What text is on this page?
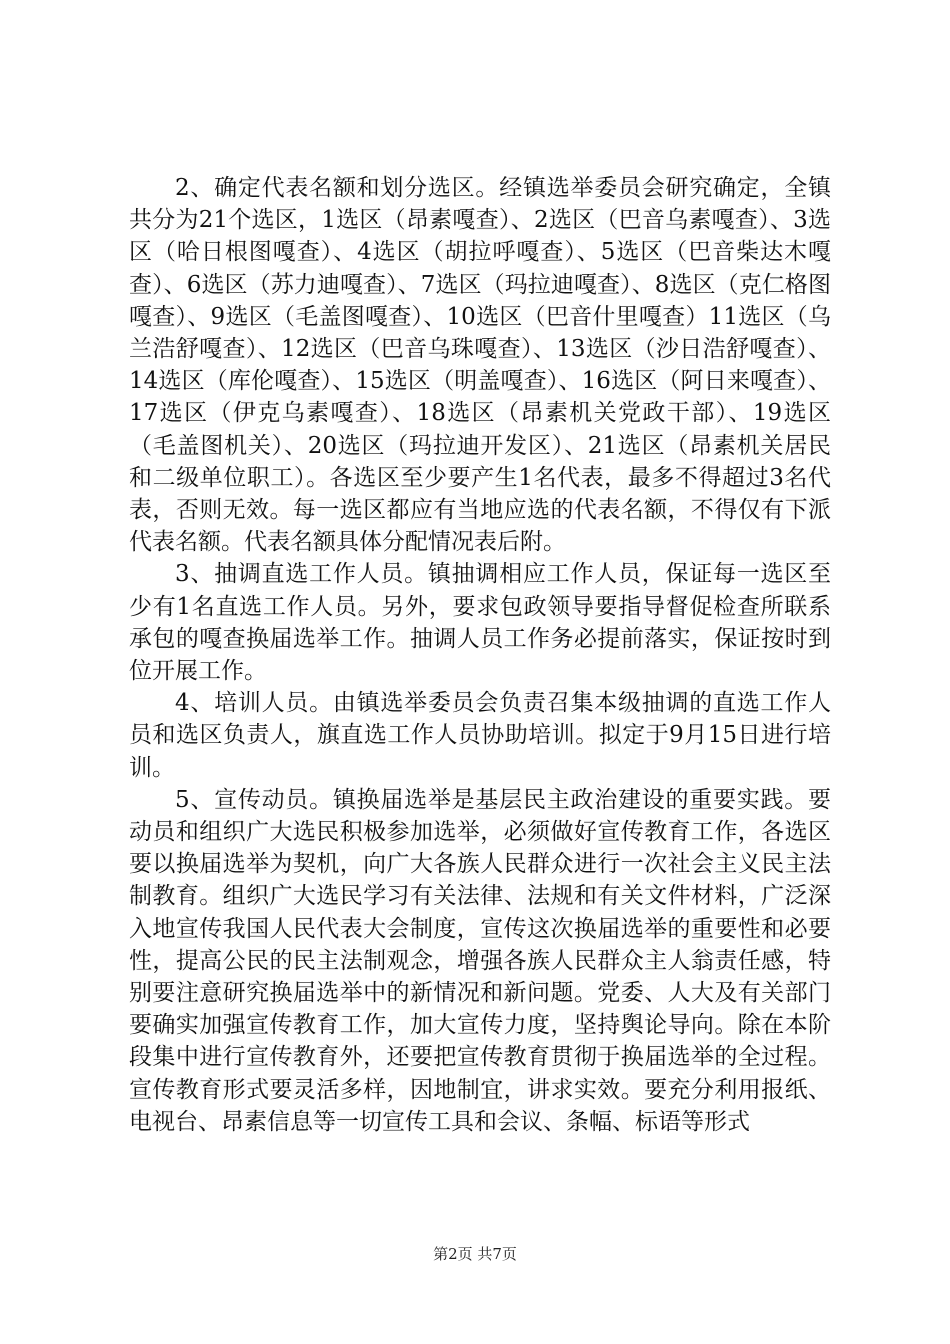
2、确定代表名额和划分选区。经镇选举委员会研究确定，全镇共分为21个选区，1选区（昂素嘎查）、2选区（巴音乌素嘎查）、3选区（哈日根图嘎查）、4选区（胡拉呼嘎查）、5选区（巴音柴达木嘎查）、6选区（苏力迪嘎查）、7选区（玛拉迪嘎查）、8选区（克仁格图嘎查）、9选区（毛盖图嘎查）、10选区（巴音什里嘎查）11选区（乌兰浩舒嘎查）、12选区（巴音乌珠嘎查）、13选区（沙日浩舒嘎查）、14选区（库伦嘎查）、15选区（明盖嘎查）、16选区（阿日来嘎查）、17选区（伊克乌素嘎查）、18选区（昂素机关党政干部）、19选区（毛盖图机关）、20选区（玛拉迪开发区）、21选区（昂素机关居民和二级单位职工）。各选区至少要产生1名代表，最多不得超过3名代表，否则无效。每一选区都应有当地应选的代表名额，不得仅有下派代表名额。代表名额具体分配情况表后附。

3、抽调直选工作人员。镇抽调相应工作人员，保证每一选区至少有1名直选工作人员。另外，要求包政领导要指导督促检查所联系承包的嘎查换届选举工作。抽调人员工作务必提前落实，保证按时到位开展工作。

4、培训人员。由镇选举委员会负责召集本级抽调的直选工作人员和选区负责人，旗直选工作人员协助培训。拟定于9月15日进行培训。

5、宣传动员。镇换届选举是基层民主政治建设的重要实践。要动员和组织广大选民积极参加选举，必须做好宣传教育工作，各选区要以换届选举为契机，向广大各族人民群众进行一次社会主义民主法制教育。组织广大选民学习有关法律、法规和有关文件材料，广泛深入地宣传我国人民代表大会制度，宣传这次换届选举的重要性和必要性，提高公民的民主法制观念，增强各族人民群众主人翁责任感，特别要注意研究换届选举中的新情况和新问题。党委、人大及有关部门要确实加强宣传教育工作，加大宣传力度，坚持舆论导向。除在本阶段集中进行宣传教育外，还要把宣传教育贯彻于换届选举的全过程。宣传教育形式要灵活多样，因地制宜，讲求实效。要充分利用报纸、电视台、昂素信息等一切宣传工具和会议、条幅、标语等形式

第2页 共7页
